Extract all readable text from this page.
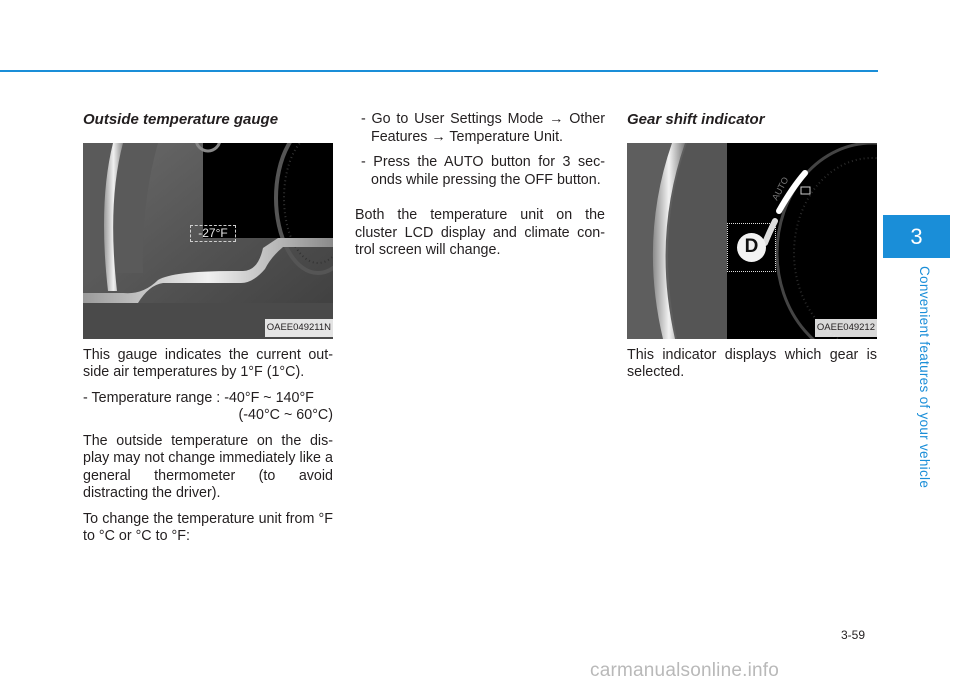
3
Convenient features of your vehicle
Outside temperature gauge
-27°F
OAEE049211N

This gauge indicates the current out-side air temperatures by 1°F (1°C).

- Temperature range : -40°F ~ 140°F

(-40°C ~ 60°C)

The outside temperature on the dis-play may not change immediately like a general thermometer (to avoid distracting the driver).

To change the temperature unit from °F to °C or °C to °F:

- Go to User Settings Mode → Other Features → Temperature Unit.

- Press the AUTO button for 3 sec-onds while pressing the OFF button.

Both the temperature unit on the cluster LCD display and climate con-trol screen will change.

Gear shift indicator
AUTO
D
OAEE049212

This indicator displays which gear is selected.

3-59
carmanualsonline.info
